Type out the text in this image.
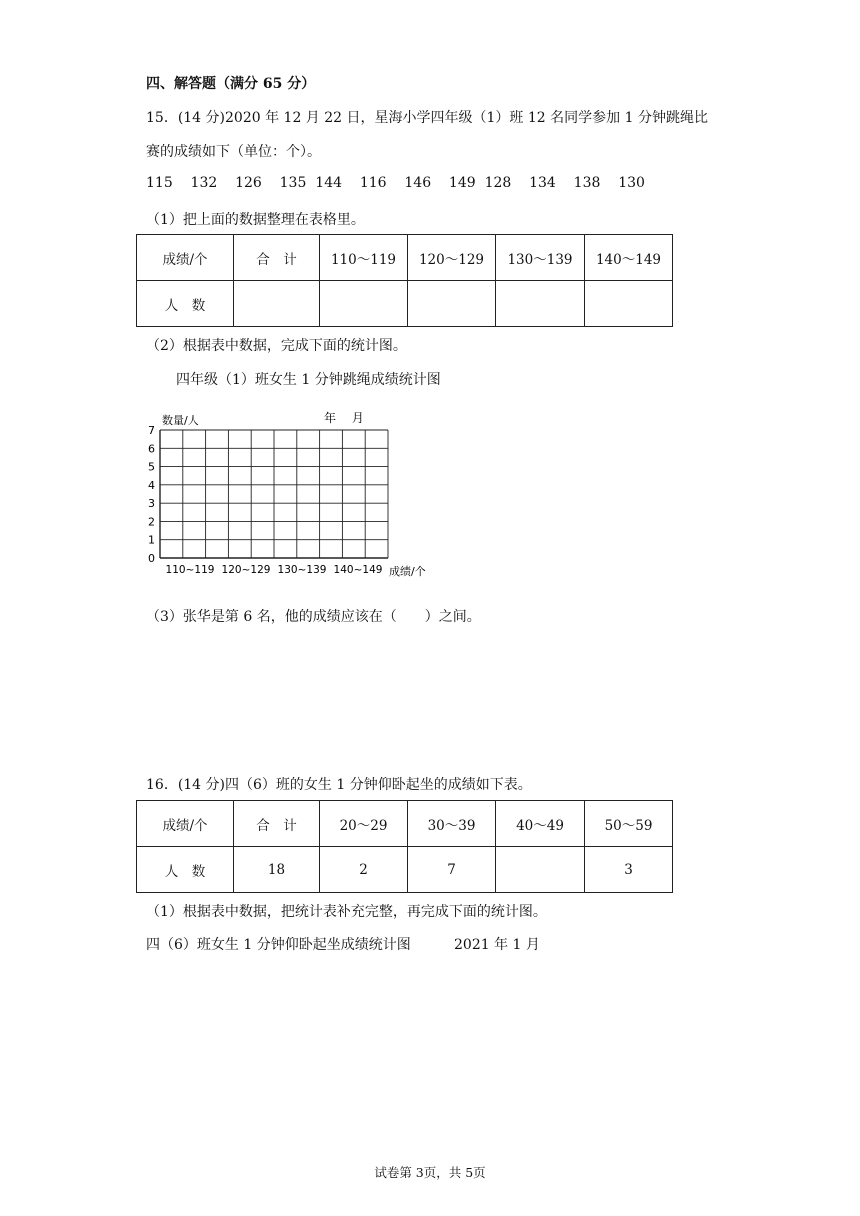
四、解答题（满分 65 分）
15．(14 分)2020 年 12 月 22 日，星海小学四年级（1）班 12 名同学参加 1 分钟跳绳比
赛的成绩如下（单位：个）。
115 132 126 135 144 116 146 149 128 134 138 130
（1）把上面的数据整理在表格里。
成绩/个	合　计	110～119	120～129	130～139	140～149
人　数					
（2）根据表中数据，完成下面的统计图。
四年级（1）班女生 1 分钟跳绳成绩统计图
0
1
2
3
4
5
6
7
110~119 120~129 130~139 140~149
数量/人
成绩/个
年　 月
（3）张华是第 6 名，他的成绩应该在（　　）之间。
16．(14 分)四（6）班的女生 1 分钟仰卧起坐的成绩如下表。
成绩/个	合　计	20～29	30～39	40～49	50～59
人　数	18	2	7		3
（1）根据表中数据，把统计表补充完整，再完成下面的统计图。
四（6）班女生 1 分钟仰卧起坐成绩统计图	2021 年 1 月
试卷第 3页，共 5页
